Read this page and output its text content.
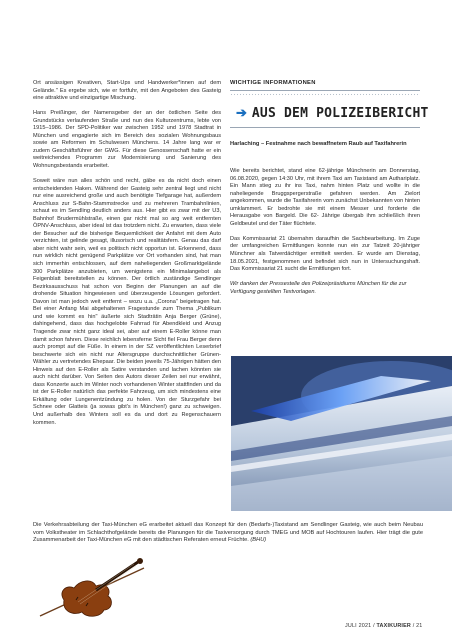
Ort ansässigen Kreativen, Start-Ups und Handwerker*innen auf dem Gelände." Es ergebe sich, wie er fortfuhr, mit den Angeboten des Gasteig eine attraktive und einzigartige Mischung.

Hans Preißinger, der Namensgeber der an der östlichen Seite des Grundstücks verlaufenden Straße und nun des Kulturzentrums, lebte von 1915–1986. Der SPD-Politiker war zwischen 1952 und 1978 Stadtrat in München und engagierte sich im Bereich des sozialen Wohnungsbaus sowie am Reformen im Schulwesen Münchens. 14 Jahre lang war er zudem Geschäftsführer der GWG. Für diese Genossenschaft hatte er ein weitreichendes Programm zur Modernisierung und Sanierung des Wohnungsbestands erarbeitet.

Soweit wäre nun alles schön und recht, gäbe es da nicht doch einen entscheidenden Haken. Während der Gasteig sehr zentral liegt und nicht nur eine ausreichend große und auch benötigte Tiefgarage hat, außerdem Anschluss zur S-Bahn-Stammstrecke und zu mehreren Trambahnlinien, schaut es im Sendling deutlich anders aus. Hier gibt es zwar mit der U3, Bahnhof Brudermühlstraße, einen gar nicht mal so arg weit entfernten ÖPNV-Anschluss, aber ideal ist das trotzdem nicht. Zu erwarten, dass viele der Besucher auf die bisherige Bequemlichkeit der Anfahrt mit dem Auto verzichten, ist gelinde gesagt, illusorisch und realitätsfern. Genau das darf aber nicht wahr sein, weil es politisch nicht opportun ist. Erkennend, dass nun wirklich nicht genügend Parkplätze vor Ort vorhanden sind, hat man sich immerhin entschlossen, auf dem naheliegenden Großmarktgelände 300 Parkplätze anzubieten, um wenigstens ein Minimalangebot als Feigenblatt bereitstellen zu können. Der örtlich zuständige Sendlinger Bezirksausschuss hat schon von Beginn der Planungen an auf die drohende Situation hingewiesen und überzeugende Lösungen gefordert. Davon ist man jedoch weit entfernt – wozu u.a. „Corona" beigetragen hat. Bei einer Anfang Mai abgehaltenen Fragestunde zum Thema „Publikum und wie kommt es hin" äußerte sich Stadträtin Anja Berger (Grüne), dahingehend, dass das hochgelobte Fahrrad für Abendkleid und Anzug Tragende zwar nicht ganz ideal sei, aber auf einem E-Roller könne man damit schon fahren. Diese reichlich lebensferne Sicht fiel Frau Berger denn auch prompt auf die Füße. In einem in der SZ veröffentlichten Leserbrief beschwerte sich ein nicht nur Altersgruppe durchschnittlicher Grünen-Wähler zu vertretendes Ehepaar. Die beiden jeweils 75-Jährigen hätten den Hinweis auf den E-Roller als Satire verstanden und lachen könnten sie auch nicht darüber. Von Seiten des Autors dieser Zeilen sei nur erwähnt, dass Konzerte auch im Winter noch vorhandenen Winter stattfinden und da ist der E-Roller natürlich das perfekte Fahrzeug, um sich mindestens eine Erkältung oder Lungenentzündung zu holen. Von der Sturzgefahr bei Schnee oder Glatteis (ja sowas gibt's in München!) ganz zu schweigen. Und außerhalb des Winters soll es da und dort zu Regenschauern kommen.

WICHTIGE INFORMATIONEN
➔ AUS DEM POLIZEIBERICHT
Harlaching – Festnahme nach bewaffnetem Raub auf Taxifahrerin

Wie bereits berichtet, stand eine 62-jährige Münchnerin am Donnerstag, 06.08.2020, gegen 14:30 Uhr, mit ihrem Taxi am Taxistand am Authariplatz. Ein Mann stieg zu ihr ins Taxi, nahm hinten Platz und wollte in die naheliegende Bruggspergerstraße gefahren werden. Am Zielort angekommen, wurde die Taxifahrerin vom zunächst Unbekannten von hinten umklammert. Er bedrohte sie mit einem Messer und forderte die Herausgabe von Bargeld. Die 62- Jährige übergab ihm schließlich ihren Geldbeutel und der Täter flüchtete.

Das Kommissariat 21 übernahm daraufhin die Sachbearbeitung. Im Zuge der umfangreichen Ermittlungen konnte nun ein zur Tatzeit 20-jähriger Münchner als Tatverdächtiger ermittelt werden. Er wurde am Dienstag, 18.05.2021, festgenommen und befindet sich nun in Untersuchungshaft. Das Kommissariat 21 sucht die Ermittlungen fort.

Wir danken der Pressestelle des Polizeipräsidiums München für die zur Verfügung gestellten Textvorlagen.

Die Verkehrsabteilung der Taxi-München eG erarbeitet aktuell das Konzept für den (Bedarfs-)Taxistand am Sendlinger Gasteig, wie auch beim Neubau vom Volkstheater im Schlachthofgelände bereits die Planungen für die Taxiversorgung durch TMEG und MOB auf Hochtouren laufen. Hier trägt die gute Zusammenarbeit der Taxi-München eG mit den städtischen Referaten erneut Früchte. (BHU)
JULI 2021 / TAXIKURIER / 21
